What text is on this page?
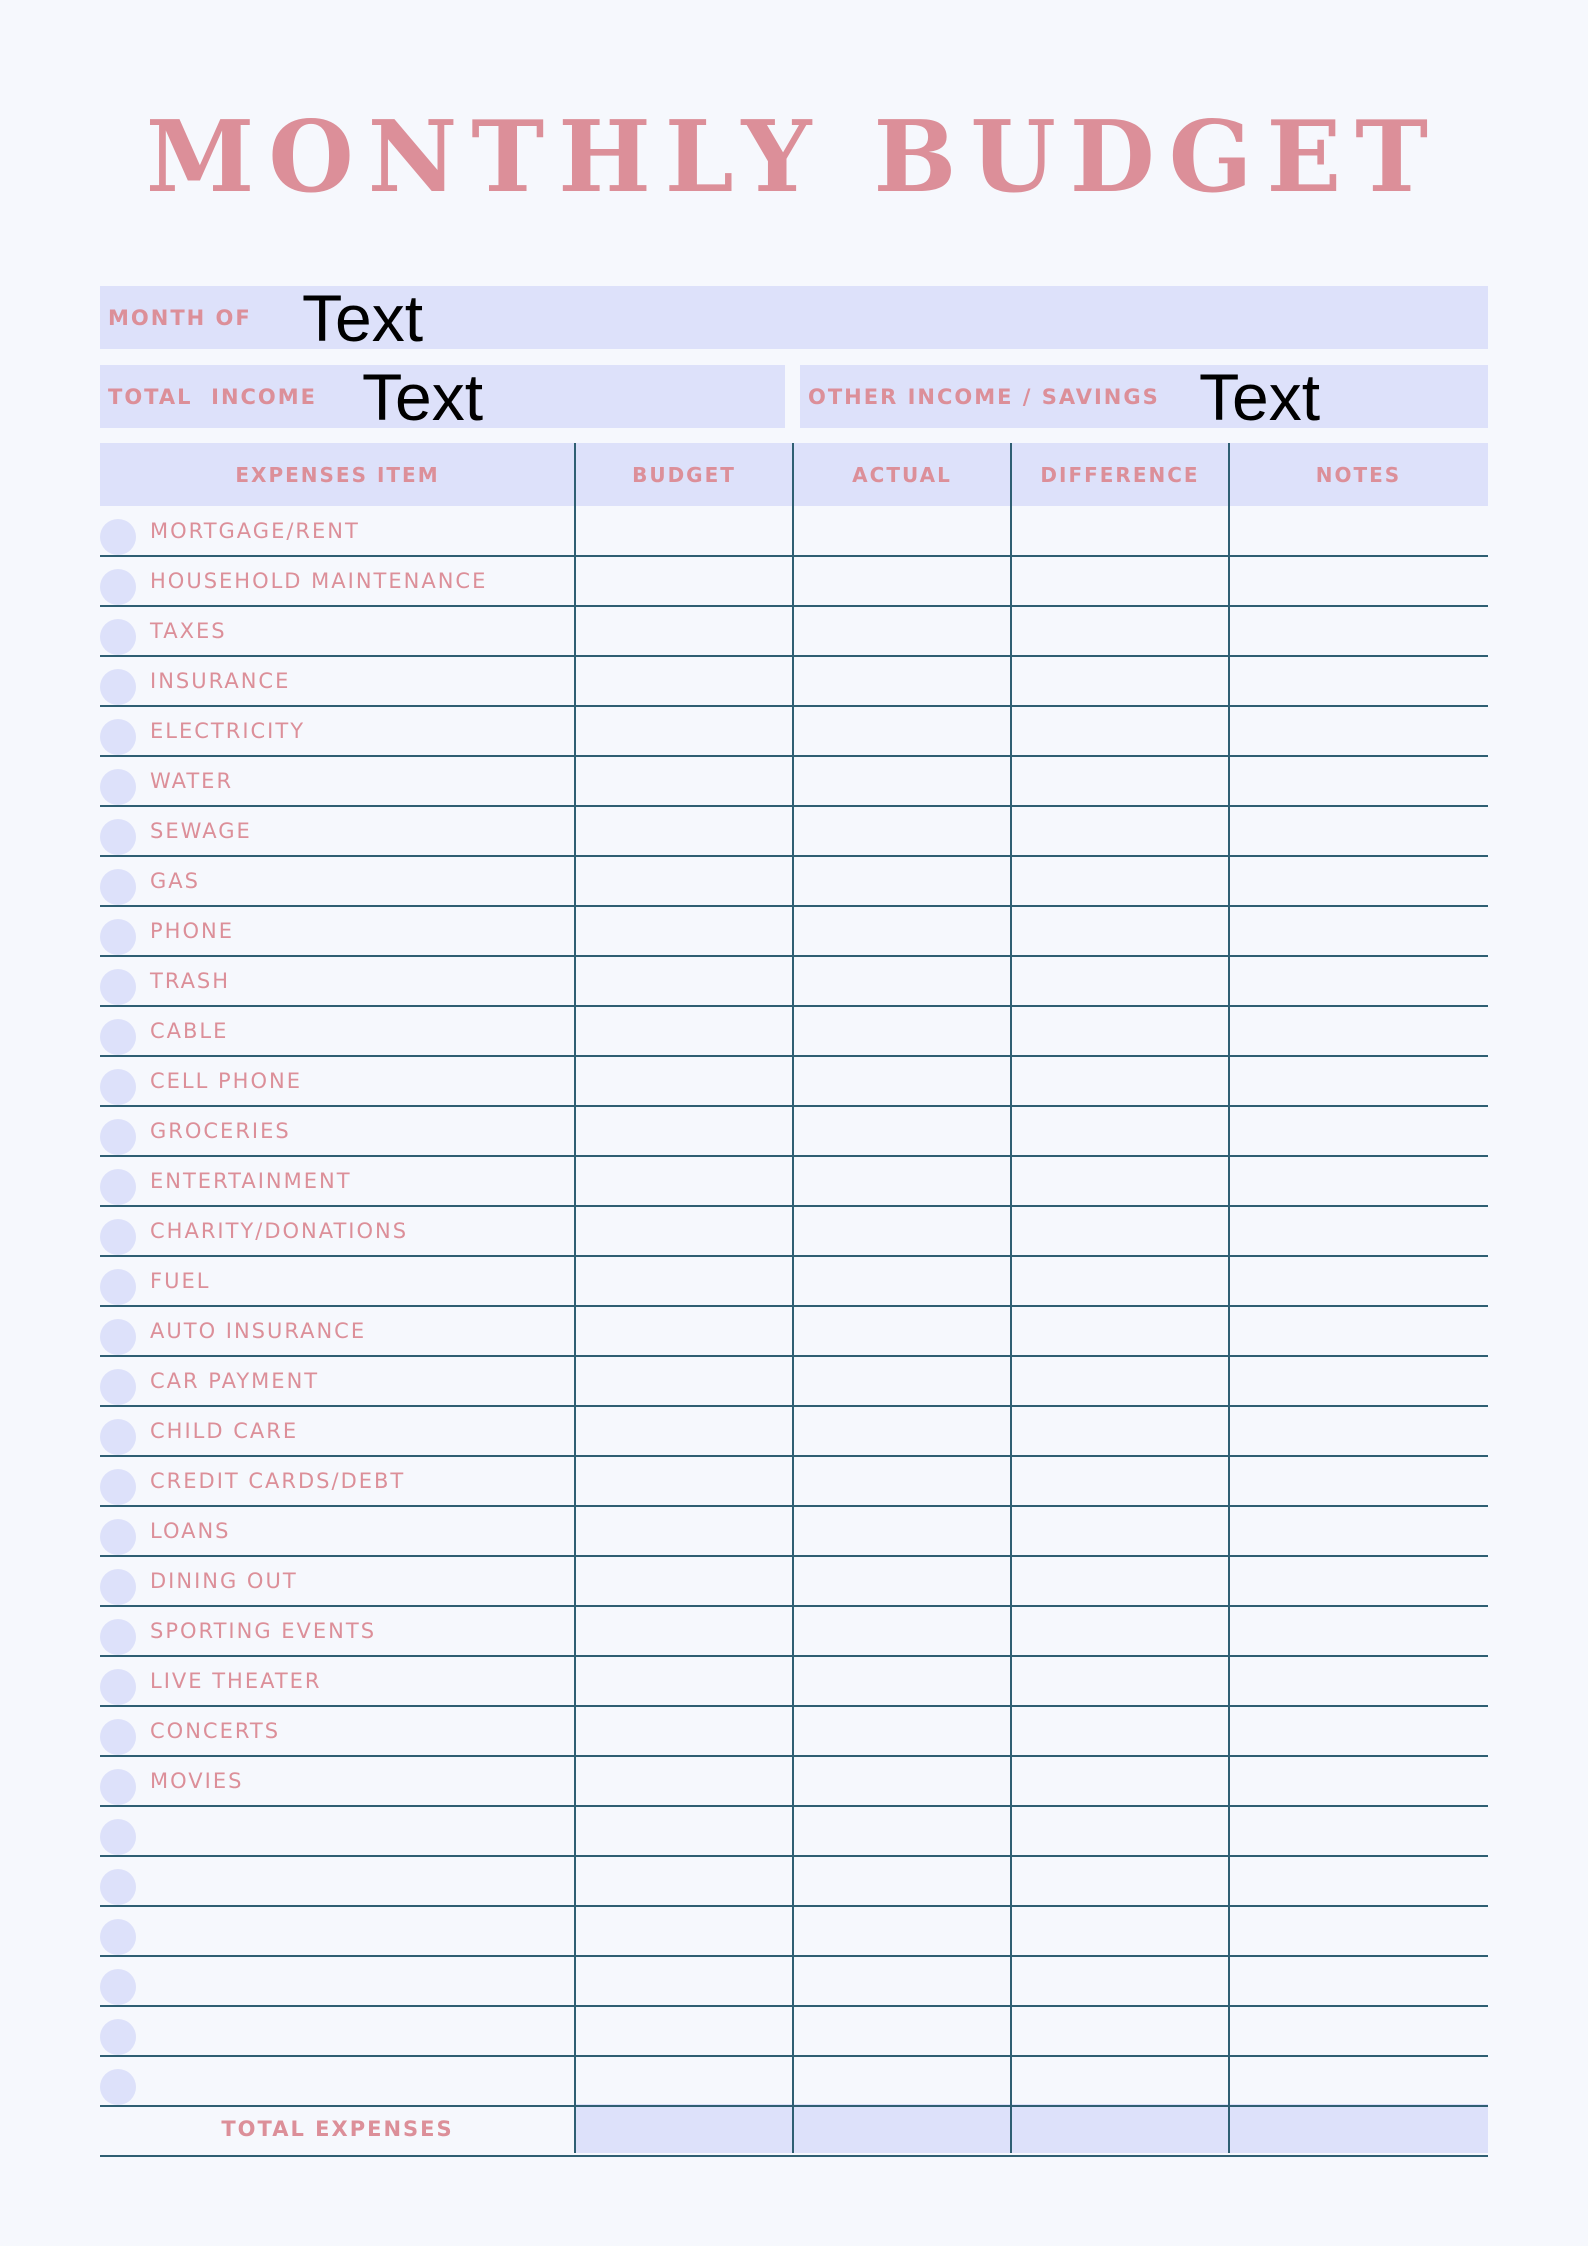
MONTHLY BUDGET
MONTH OF Text
TOTAL  INCOME Text	OTHER INCOME / SAVINGS Text
EXPENSES ITEM	BUDGET	ACTUAL	DIFFERENCE	NOTES
MORTGAGE/RENT
HOUSEHOLD MAINTENANCE
TAXES
INSURANCE
ELECTRICITY
WATER
SEWAGE
GAS
PHONE
TRASH
CABLE
CELL PHONE
GROCERIES
ENTERTAINMENT
CHARITY/DONATIONS
FUEL
AUTO INSURANCE
CAR PAYMENT
CHILD CARE
CREDIT CARDS/DEBT
LOANS
DINING OUT
SPORTING EVENTS
LIVE THEATER
CONCERTS
MOVIES
TOTAL EXPENSES
